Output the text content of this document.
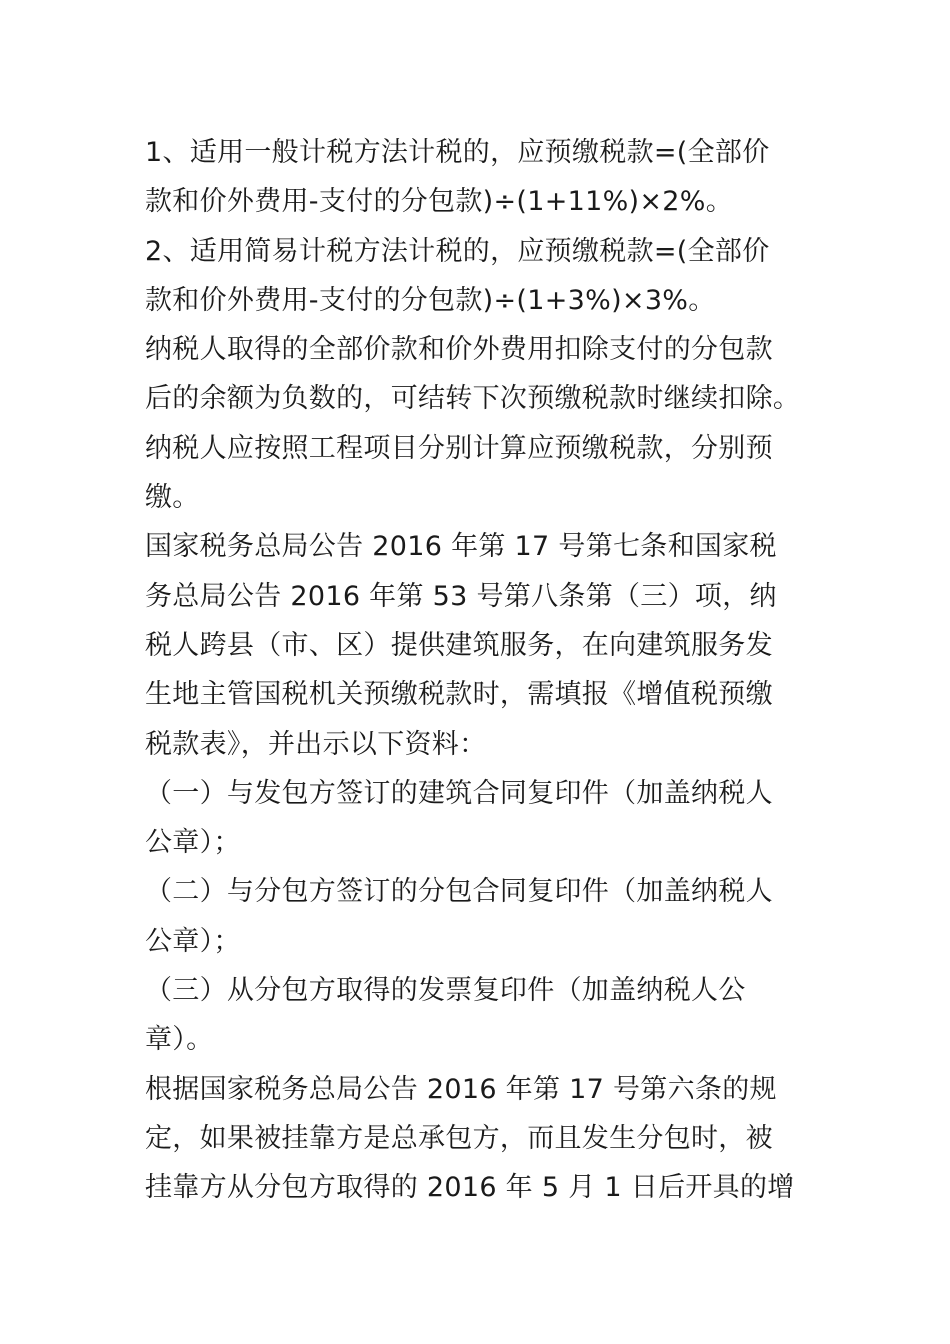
1、适用一般计税方法计税的，应预缴税款=(全部价
款和价外费用-支付的分包款)÷(1+11%)×2%。
2、适用简易计税方法计税的，应预缴税款=(全部价
款和价外费用-支付的分包款)÷(1+3%)×3%。
纳税人取得的全部价款和价外费用扣除支付的分包款
后的余额为负数的，可结转下次预缴税款时继续扣除。
纳税人应按照工程项目分别计算应预缴税款，分别预
缴。
国家税务总局公告 2016 年第 17 号第七条和国家税
务总局公告 2016 年第 53 号第八条第（三）项，纳
税人跨县（市、区）提供建筑服务，在向建筑服务发
生地主管国税机关预缴税款时，需填报《增值税预缴
税款表》，并出示以下资料：
（一）与发包方签订的建筑合同复印件（加盖纳税人
公章）；
（二）与分包方签订的分包合同复印件（加盖纳税人
公章）；
（三）从分包方取得的发票复印件（加盖纳税人公
章）。
根据国家税务总局公告 2016 年第 17 号第六条的规
定，如果被挂靠方是总承包方，而且发生分包时，被
挂靠方从分包方取得的 2016 年 5 月 1 日后开具的增
